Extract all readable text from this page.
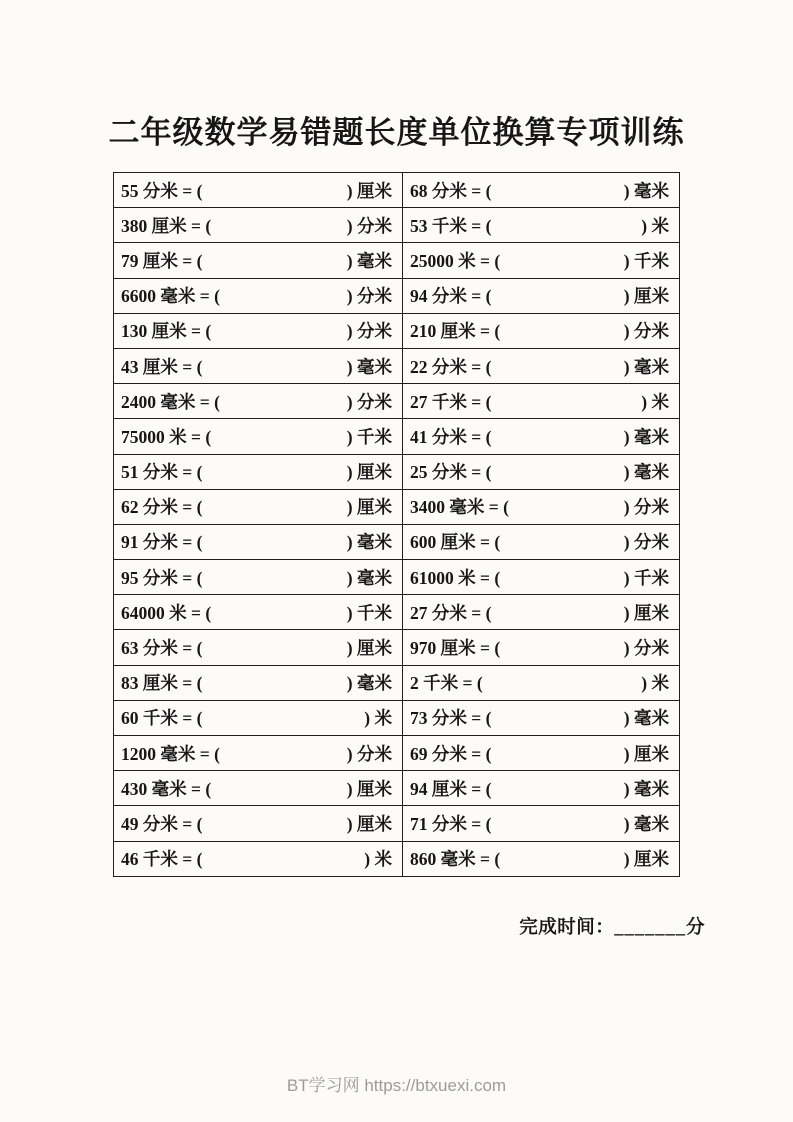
二年级数学易错题长度单位换算专项训练
55 分米 = ( ) 厘米	68 分米 = ( ) 毫米

380 厘米 = ( ) 分米	53 千米 = ( ) 米

79 厘米 = ( ) 毫米	25000 米 = ( ) 千米

6600 毫米 = ( ) 分米	94 分米 = ( ) 厘米

130 厘米 = ( ) 分米	210 厘米 = ( ) 分米

43 厘米 = ( ) 毫米	22 分米 = ( ) 毫米

2400 毫米 = ( ) 分米	27 千米 = ( ) 米

75000 米 = ( ) 千米	41 分米 = ( ) 毫米

51 分米 = ( ) 厘米	25 分米 = ( ) 毫米

62 分米 = ( ) 厘米	3400 毫米 = ( ) 分米

91 分米 = ( ) 毫米	600 厘米 = ( ) 分米

95 分米 = ( ) 毫米	61000 米 = ( ) 千米

64000 米 = ( ) 千米	27 分米 = ( ) 厘米

63 分米 = ( ) 厘米	970 厘米 = ( ) 分米

83 厘米 = ( ) 毫米	2 千米 = ( ) 米

60 千米 = ( ) 米	73 分米 = ( ) 毫米

1200 毫米 = ( ) 分米	69 分米 = ( ) 厘米

430 毫米 = ( ) 厘米	94 厘米 = ( ) 毫米

49 分米 = ( ) 厘米	71 分米 = ( ) 毫米

46 千米 = ( ) 米	860 毫米 = ( ) 厘米
完成时间：_______分
BT学习网 https://btxuexi.com
